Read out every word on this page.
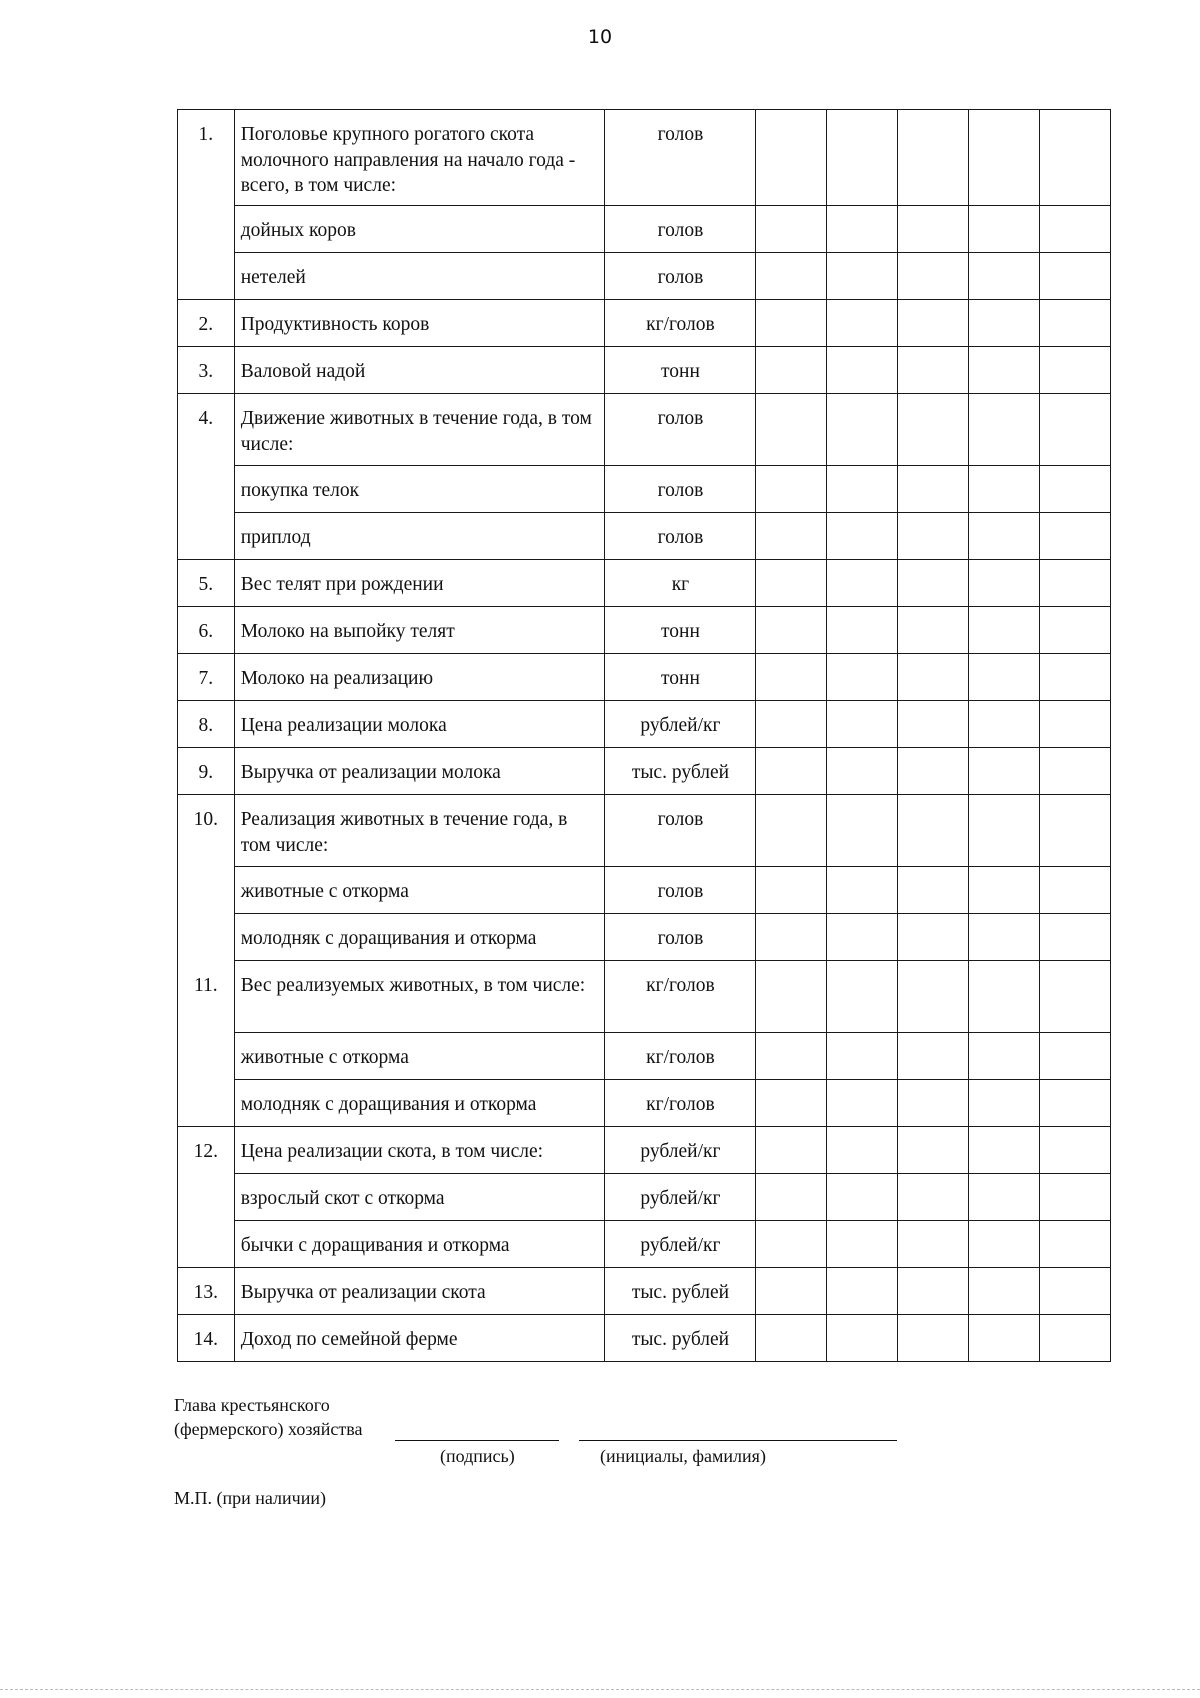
10
1.	Поголовье крупного рогатого скота молочного направления на начало года - всего, в том числе:	голов					
	дойных коров	голов					
	нетелей	голов					
2.	Продуктивность коров	кг/голов					
3.	Валовой надой	тонн					
4.	Движение животных в течение года, в том числе:	голов					
	покупка телок	голов					
	приплод	голов					
5.	Вес телят при рождении	кг					
6.	Молоко на выпойку телят	тонн					
7.	Молоко на реализацию	тонн					
8.	Цена реализации молока	рублей/кг					
9.	Выручка от реализации молока	тыс. рублей					
10.	Реализация животных в течение года, в том числе:	голов					
	животные с откорма	голов					
	молодняк с доращивания и откорма	голов					
11.	Вес реализуемых животных, в том числе:	кг/голов					
	животные с откорма	кг/голов					
	молодняк с доращивания и откорма	кг/голов					
12.	Цена реализации скота, в том числе:	рублей/кг					
	взрослый скот с откорма	рублей/кг					
	бычки с доращивания и откорма	рублей/кг					
13.	Выручка от реализации скота	тыс. рублей					
14.	Доход по семейной ферме	тыс. рублей					
Глава крестьянского
(фермерского) хозяйства
(подпись)	(инициалы, фамилия)
М.П. (при наличии)
